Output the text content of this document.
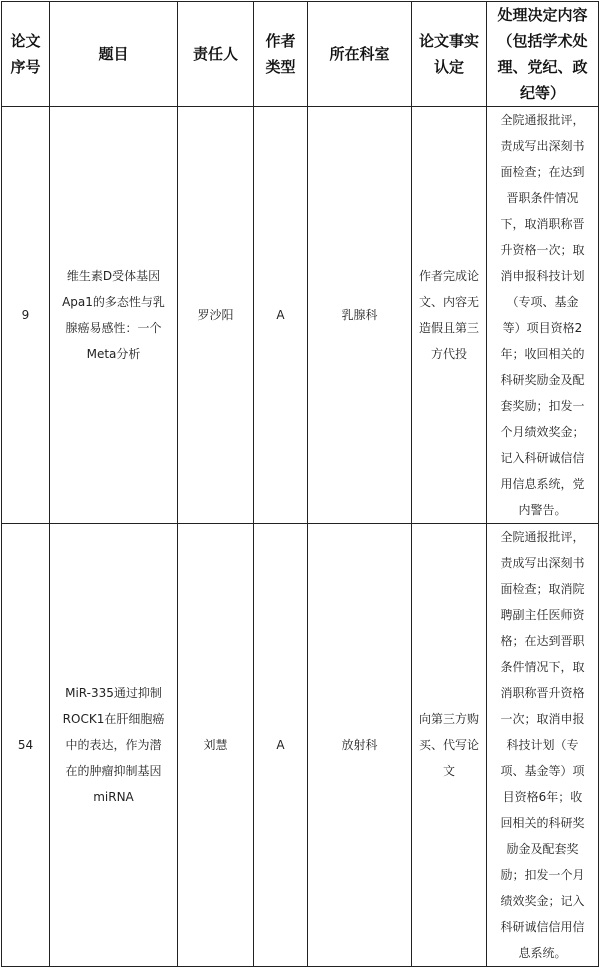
论文序号	题目	责任人	作者类型	所在科室	论文事实认定	处理决定内容（包括学术处理、党纪、政纪等）
9	维生素D受体基因Apa1的多态性与乳腺癌易感性：一个Meta分析	罗沙阳	A	乳腺科	作者完成论文、内容无造假且第三方代投	全院通报批评，责成写出深刻书面检查；在达到晋职条件情况下，取消职称晋升资格一次；取消申报科技计划（专项、基金等）项目资格2年；收回相关的科研奖励金及配套奖励；扣发一个月绩效奖金；记入科研诚信信用信息系统，党内警告。
54	MiR-335通过抑制ROCK1在肝细胞癌中的表达，作为潜在的肿瘤抑制基因miRNA	刘慧	A	放射科	向第三方购买、代写论文	全院通报批评，责成写出深刻书面检查；取消院聘副主任医师资格；在达到晋职条件情况下，取消职称晋升资格一次；取消申报科技计划（专项、基金等）项目资格6年；收回相关的科研奖励金及配套奖励；扣发一个月绩效奖金；记入科研诚信信用信息系统。
